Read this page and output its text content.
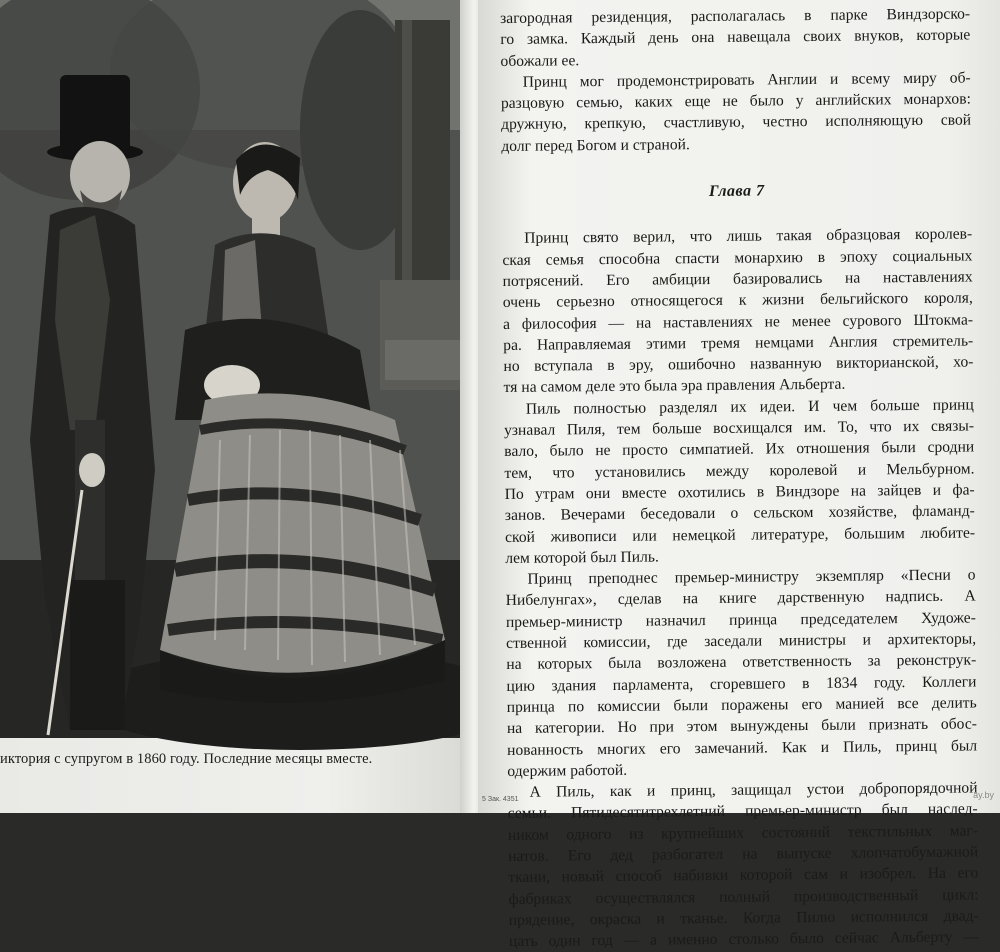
иктория с супругом в 1860 году. Последние месяцы вместе.
загородная резиденция, располагалась в парке Виндзорско-
го замка. Каждый день она навещала своих внуков, которые
обожали ее.
Принц мог продемонстрировать Англии и всему миру об-
разцовую семью, каких еще не было у английских монархов:
дружную, крепкую, счастливую, честно исполняющую свой
долг перед Богом и страной.
Глава 7
Принц свято верил, что лишь такая образцовая королев-
ская семья способна спасти монархию в эпоху социальных
потрясений. Его амбиции базировались на наставлениях
очень серьезно относящегося к жизни бельгийского короля,
а философия — на наставлениях не менее сурового Штокма-
ра. Направляемая этими тремя немцами Англия стремитель-
но вступала в эру, ошибочно названную викторианской, хо-
тя на самом деле это была эра правления Альберта.
Пиль полностью разделял их идеи. И чем больше принц
узнавал Пиля, тем больше восхищался им. То, что их связы-
вало, было не просто симпатией. Их отношения были сродни
тем, что установились между королевой и Мельбурном.
По утрам они вместе охотились в Виндзоре на зайцев и фа-
занов. Вечерами беседовали о сельском хозяйстве, фламанд-
ской живописи или немецкой литературе, большим любите-
лем которой был Пиль.
Принц преподнес премьер-министру экземпляр «Песни о
Нибелунгах», сделав на книге дарственную надпись. А
премьер-министр назначил принца председателем Художе-
ственной комиссии, где заседали министры и архитекторы,
на которых была возложена ответственность за реконструк-
цию здания парламента, сгоревшего в 1834 году. Коллеги
принца по комиссии были поражены его манией все делить
на категории. Но при этом вынуждены были признать обос-
нованность многих его замечаний. Как и Пиль, принц был
одержим работой.
А Пиль, как и принц, защищал устои добропорядочной
семьи. Пятидесятитрехлетний премьер-министр был наслед-
ником одного из крупнейших состояний текстильных маг-
натов. Его дед разбогател на выпуске хлопчатобумажной
ткани, новый способ набивки которой сам и изобрел. На его
фабриках осуществлялся полный производственный цикл:
прядение, окраска и тканье. Когда Пилю исполнился двад-
цать один год — а именно столько было сейчас Альберту —
5 Зак. 4351	ay.by
